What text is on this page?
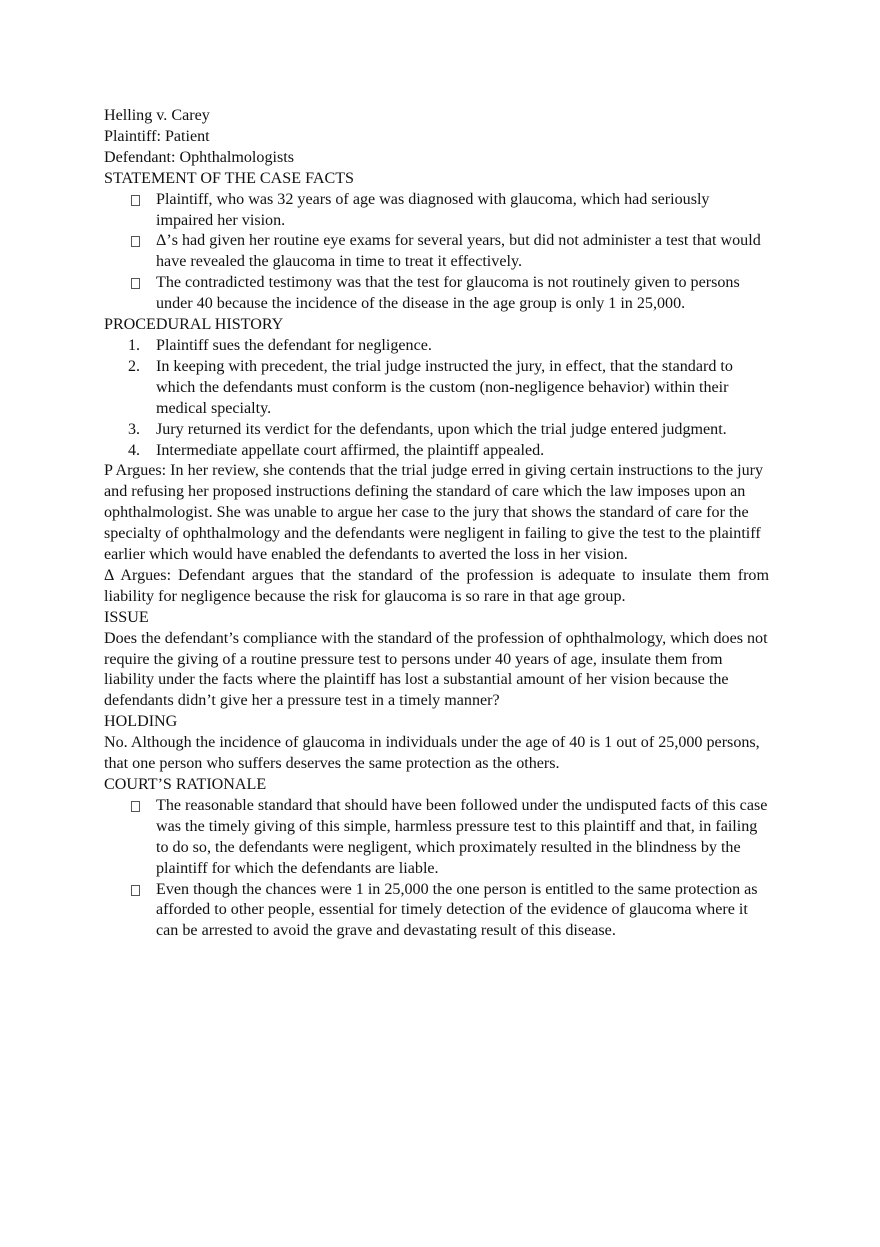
Helling v. Carey

Plaintiff: Patient

Defendant: Ophthalmologists

STATEMENT OF THE CASE FACTS

Plaintiff, who was 32 years of age was diagnosed with glaucoma, which had seriously impaired her vision.
Δ’s had given her routine eye exams for several years, but did not administer a test that would have revealed the glaucoma in time to treat it effectively.
The contradicted testimony was that the test for glaucoma is not routinely given to persons under 40 because the incidence of the disease in the age group is only 1 in 25,000.

PROCEDURAL HISTORY

1. Plaintiff sues the defendant for negligence.
2. In keeping with precedent, the trial judge instructed the jury, in effect, that the standard to which the defendants must conform is the custom (non-negligence behavior) within their medical specialty.
3. Jury returned its verdict for the defendants, upon which the trial judge entered judgment.
4. Intermediate appellate court affirmed, the plaintiff appealed.

P Argues: In her review, she contends that the trial judge erred in giving certain instructions to the jury and refusing her proposed instructions defining the standard of care which the law imposes upon an ophthalmologist. She was unable to argue her case to the jury that shows the standard of care for the specialty of ophthalmology and the defendants were negligent in failing to give the test to the plaintiff earlier which would have enabled the defendants to averted the loss in her vision.

Δ Argues: Defendant argues that the standard of the profession is adequate to insulate them from liability for negligence because the risk for glaucoma is so rare in that age group.

ISSUE

Does the defendant’s compliance with the standard of the profession of ophthalmology, which does not require the giving of a routine pressure test to persons under 40 years of age, insulate them from liability under the facts where the plaintiff has lost a substantial amount of her vision because the defendants didn’t give her a pressure test in a timely manner?

HOLDING

No. Although the incidence of glaucoma in individuals under the age of 40 is 1 out of 25,000 persons, that one person who suffers deserves the same protection as the others.

COURT’S RATIONALE

The reasonable standard that should have been followed under the undisputed facts of this case was the timely giving of this simple, harmless pressure test to this plaintiff and that, in failing to do so, the defendants were negligent, which proximately resulted in the blindness by the plaintiff for which the defendants are liable.
Even though the chances were 1 in 25,000 the one person is entitled to the same protection as afforded to other people, essential for timely detection of the evidence of glaucoma where it can be arrested to avoid the grave and devastating result of this disease.
